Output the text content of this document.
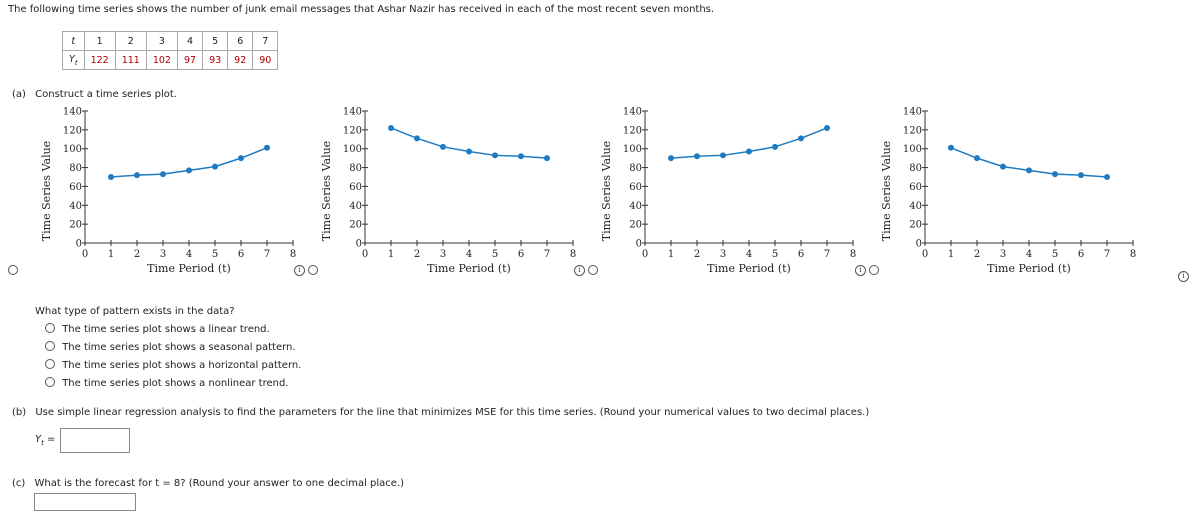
The following time series shows the number of junk email messages that Ashar Nazir has received in each of the most recent seven months.
t	1	2	3	4	5	6	7
$Y_t$	122	111	102	97	93	92	90
(a) Construct a time series plot.
0
20
40
60
80
100
120
140
0 1 2 3 4 5 6 7 8
Time Series Value
Time Period (t)
0
20
40
60
80
100
120
140
0 1 2 3 4 5 6 7 8
Time Series Value
Time Period (t)
0
20
40
60
80
100
120
140
0 1 2 3 4 5 6 7 8
Time Series Value
Time Period (t)
0
20
40
60
80
100
120
140
0 1 2 3 4 5 6 7 8
Time Series Value
Time Period (t)
i	i	i
i
What type of pattern exists in the data?
The time series plot shows a linear trend.
The time series plot shows a seasonal pattern.
The time series plot shows a horizontal pattern.
The time series plot shows a nonlinear trend.
(b) Use simple linear regression analysis to find the parameters for the line that minimizes MSE for this time series. (Round your numerical values to two decimal places.)
$Y_t$ =
(c) What is the forecast for t = 8? (Round your answer to one decimal place.)
